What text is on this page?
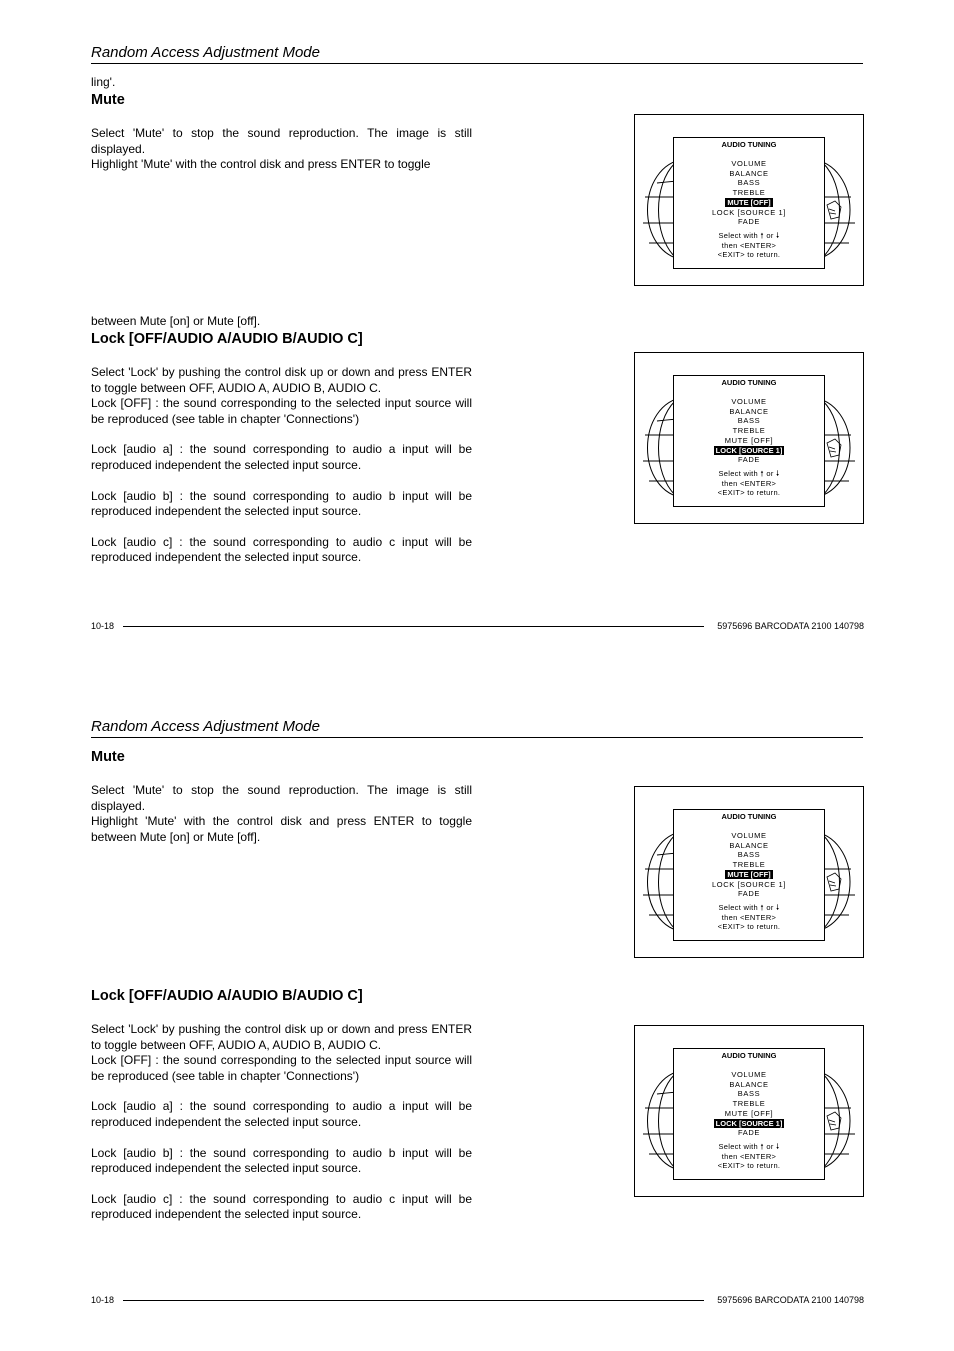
Random Access Adjustment Mode
ling'.
Mute

Select 'Mute' to stop the sound reproduction. The image is still displayed.

Highlight 'Mute' with the control disk and press ENTER to toggle

between Mute [on] or Mute [off].
Lock [OFF/AUDIO A/AUDIO B/AUDIO C]

Select 'Lock' by pushing the control disk up or down and press ENTER to toggle between OFF, AUDIO A, AUDIO B, AUDIO C.

Lock [OFF] : the sound corresponding to the selected input source will be reproduced (see table in chapter 'Connections')

Lock [audio a] : the sound corresponding to audio a input will be reproduced independent the selected input source.

Lock [audio b] : the sound corresponding to audio b input will be reproduced independent the selected input source.

Lock [audio c] : the sound corresponding to audio c input will be reproduced independent the selected input source.

AUDIO TUNING
VOLUME
BALANCE
BASS
TREBLE
MUTE [OFF]
LOCK [SOURCE 1]
FADE
Select with 🠕 or 🠗
then <ENTER>
<EXIT> to return.
AUDIO TUNING
VOLUME
BALANCE
BASS
TREBLE
MUTE [OFF]
LOCK [SOURCE 1]
FADE
Select with 🠕 or 🠗
then <ENTER>
<EXIT> to return.
10-18	5975696 BARCODATA 2100 140798
Random Access Adjustment Mode
Mute

Select 'Mute' to stop the sound reproduction. The image is still displayed.

Highlight 'Mute' with the control disk and press ENTER to toggle between Mute [on] or Mute [off].

Lock [OFF/AUDIO A/AUDIO B/AUDIO C]

Select 'Lock' by pushing the control disk up or down and press ENTER to toggle between OFF, AUDIO A, AUDIO B, AUDIO C.

Lock [OFF] : the sound corresponding to the selected input source will be reproduced (see table in chapter 'Connections')

Lock [audio a] : the sound corresponding to audio a input will be reproduced independent the selected input source.

Lock [audio b] : the sound corresponding to audio b input will be reproduced independent the selected input source.

Lock [audio c] : the sound corresponding to audio c input will be reproduced independent the selected input source.

AUDIO TUNING
VOLUME
BALANCE
BASS
TREBLE
MUTE [OFF]
LOCK [SOURCE 1]
FADE
Select with 🠕 or 🠗
then <ENTER>
<EXIT> to return.
AUDIO TUNING
VOLUME
BALANCE
BASS
TREBLE
MUTE [OFF]
LOCK [SOURCE 1]
FADE
Select with 🠕 or 🠗
then <ENTER>
<EXIT> to return.
10-18	5975696 BARCODATA 2100 140798
